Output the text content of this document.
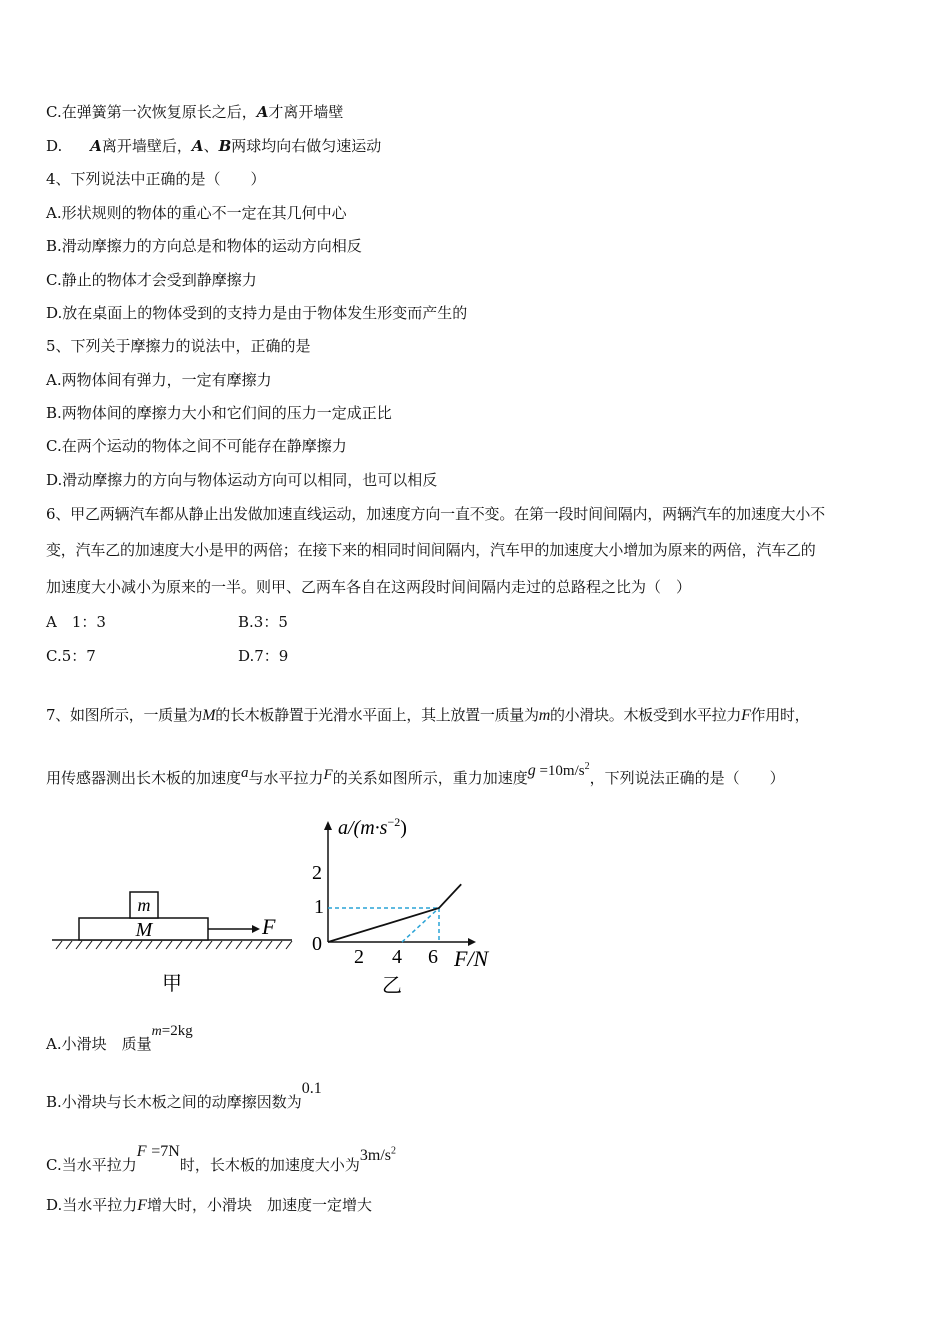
C.在弹簧第一次恢复原长之后，A才离开墙壁
D. A离开墙壁后，A、B两球均向右做匀速运动
4、下列说法中正确的是（　　）
A.形状规则的物体的重心不一定在其几何中心
B.滑动摩擦力的方向总是和物体的运动方向相反
C.静止的物体才会受到静摩擦力
D.放在桌面上的物体受到的支持力是由于物体发生形变而产生的
5、下列关于摩擦力的说法中，正确的是
A.两物体间有弹力，一定有摩擦力
B.两物体间的摩擦力大小和它们间的压力一定成正比
C.在两个运动的物体之间不可能存在静摩擦力
D.滑动摩擦力的方向与物体运动方向可以相同，也可以相反
6、甲乙两辆汽车都从静止出发做加速直线运动，加速度方向一直不变。在第一段时间间隔内，两辆汽车的加速度大小不
变，汽车乙的加速度大小是甲的两倍；在接下来的相同时间间隔内，汽车甲的加速度大小增加为原来的两倍，汽车乙的
加速度大小减小为原来的一半。则甲、乙两车各自在这两段时间间隔内走过的总路程之比为（　）
A　1：3	B.3：5
C.5：7	D.7：9
7、如图所示，一质量为M的长木板静置于光滑水平面上，其上放置一质量为m的小滑块。木板受到水平拉力F作用时，
用传感器测出长木板的加速度a与水平拉力F的关系如图所示，重力加速度$g =10m/s^2$，下列说法正确的是（　　）
M
m
F
甲
$a/(m\cdot s^{-2})$
F/N
0
2
1
2 4 6
乙
A.小滑块　质量m=2kg
B.小滑块与长木板之间的动摩擦因数为0.1
C.当水平拉力F =7N时，长木板的加速度大小为$3m/s^2$
D.当水平拉力F增大时，小滑块　加速度一定增大
